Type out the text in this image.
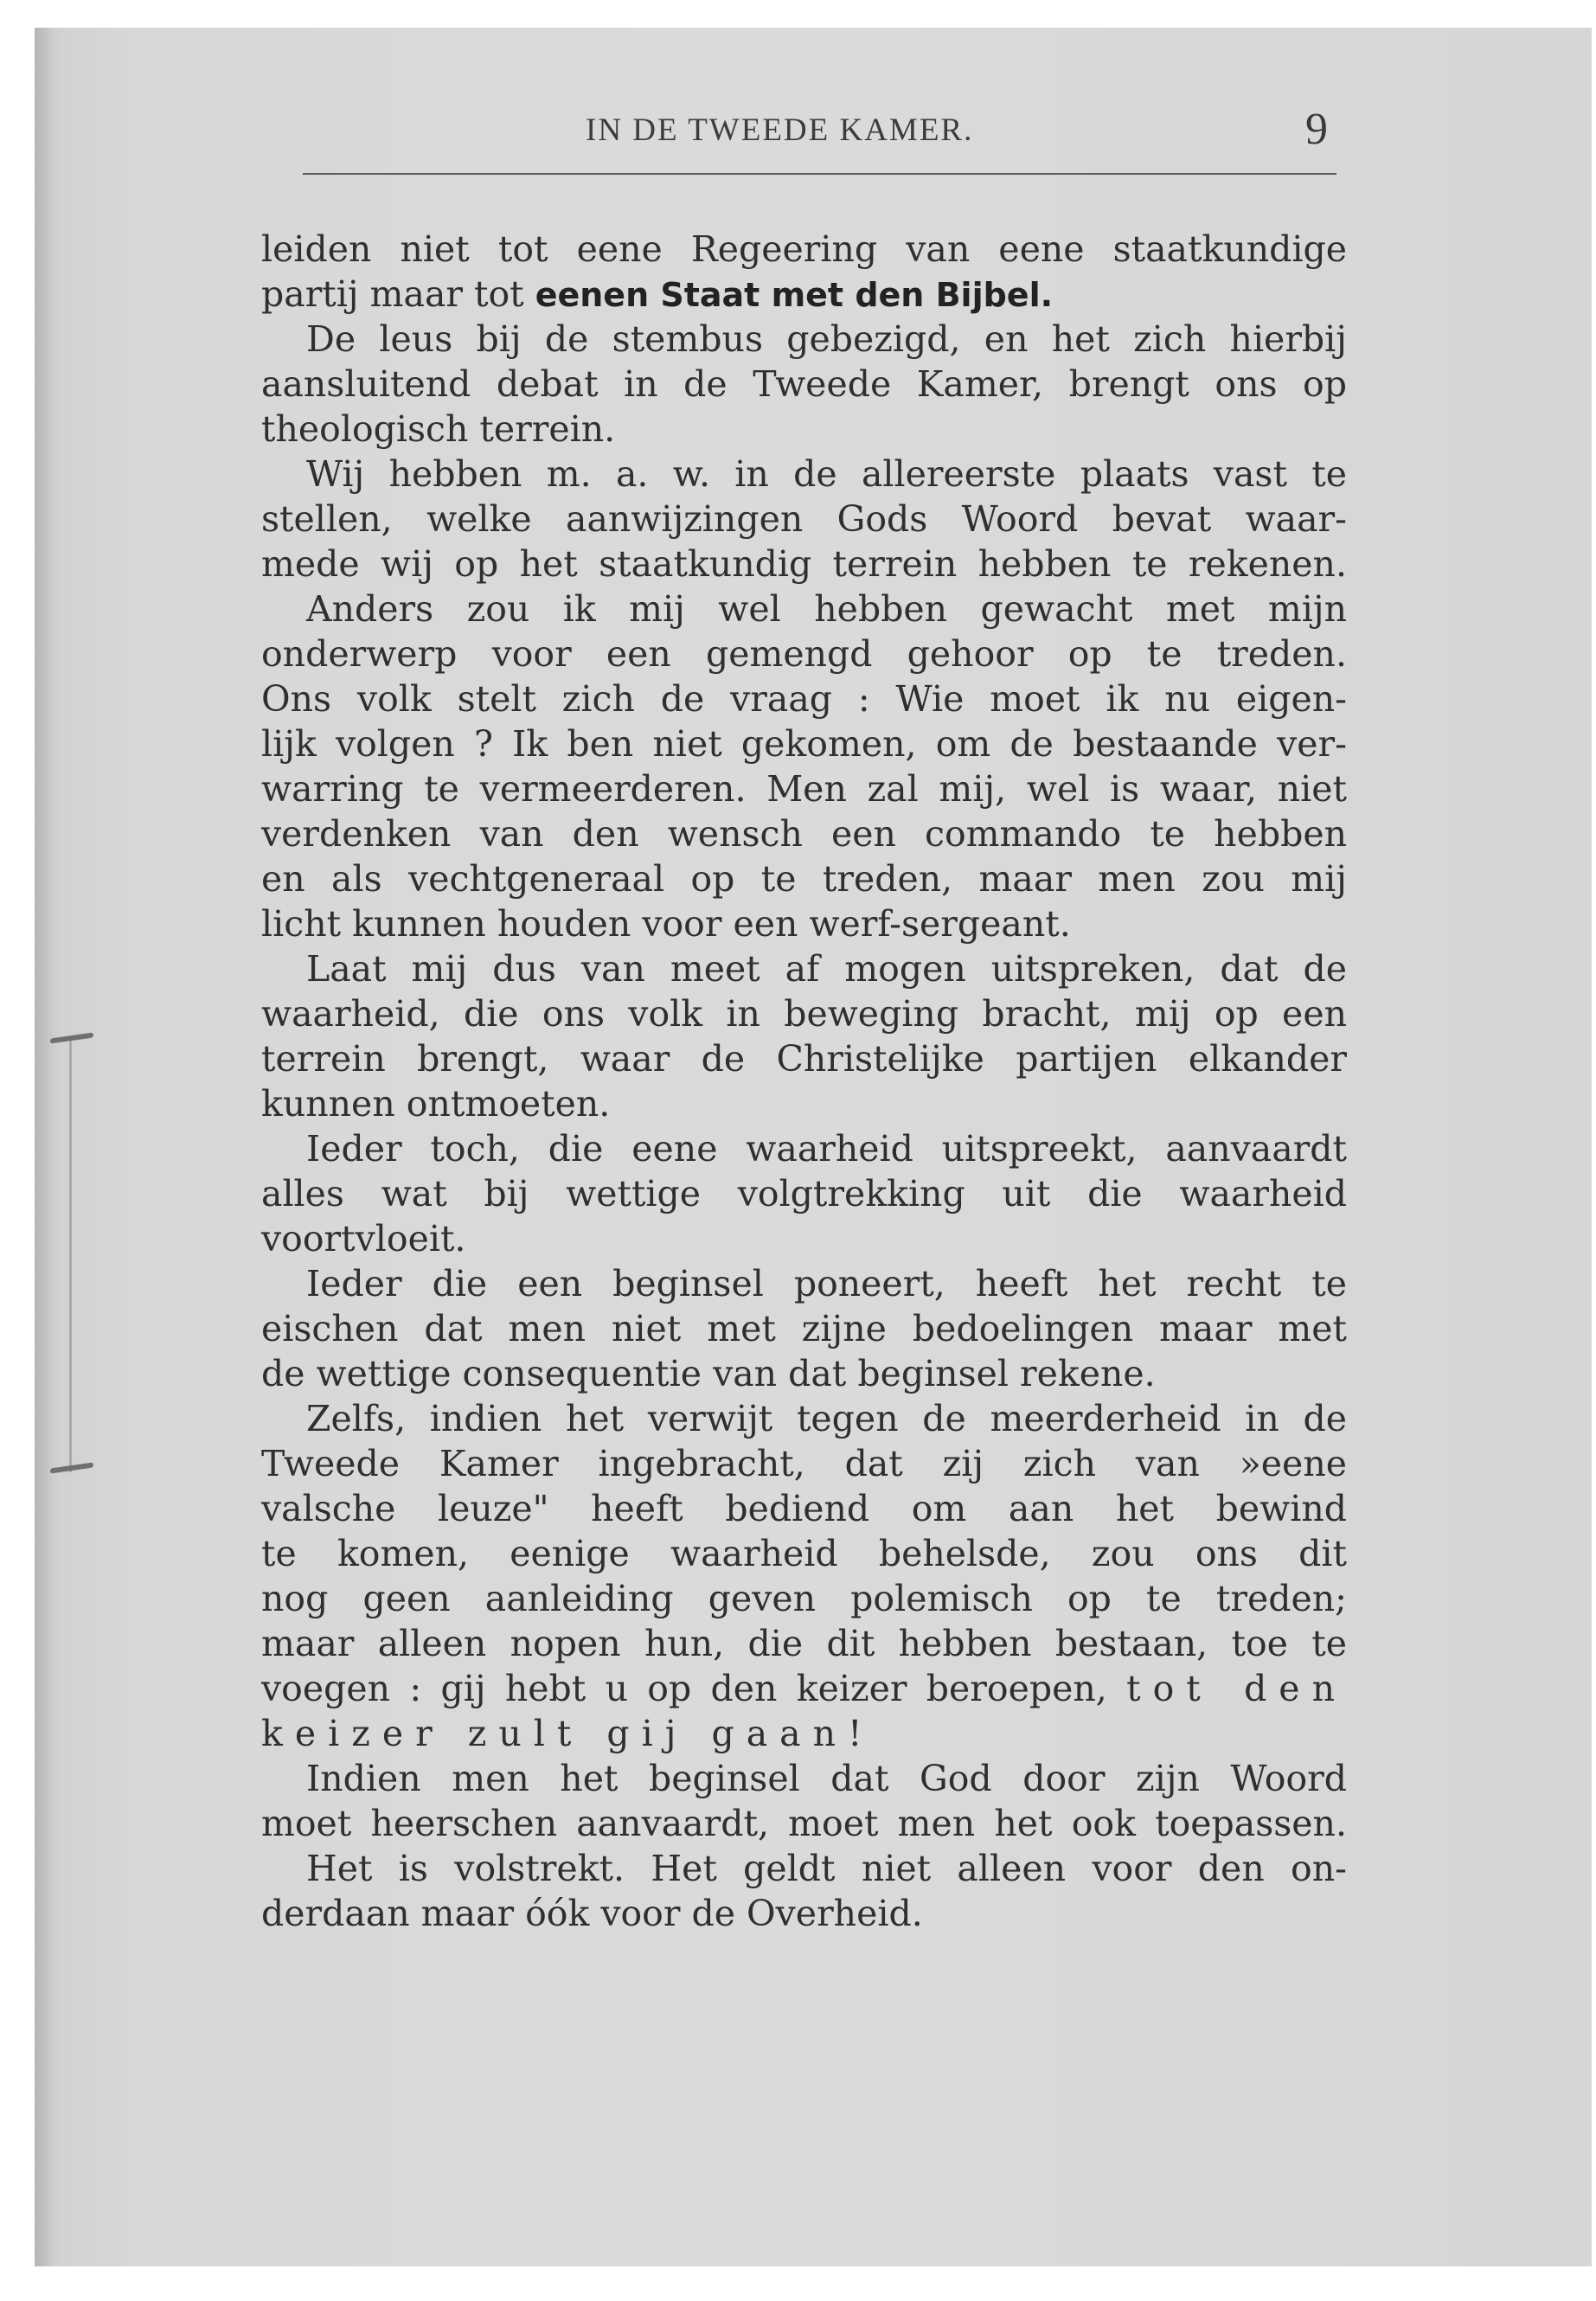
IN DE TWEEDE KAMER.	9
leiden niet tot eene Regeering van eene staatkundige
partij maar tot eenen Staat met den Bijbel.
De leus bij de stembus gebezigd, en het zich hierbij
aansluitend debat in de Tweede Kamer, brengt ons op
theologisch terrein.
Wij hebben m. a. w. in de allereerste plaats vast te
stellen, welke aanwijzingen Gods Woord bevat waar-
mede wij op het staatkundig terrein hebben te rekenen.
Anders zou ik mij wel hebben gewacht met mijn
onderwerp voor een gemengd gehoor op te treden.
Ons volk stelt zich de vraag : Wie moet ik nu eigen-
lijk volgen ? Ik ben niet gekomen, om de bestaande ver-
warring te vermeerderen. Men zal mij, wel is waar, niet
verdenken van den wensch een commando te hebben
en als vechtgeneraal op te treden, maar men zou mij
licht kunnen houden voor een werf-sergeant.
Laat mij dus van meet af mogen uitspreken, dat de
waarheid, die ons volk in beweging bracht, mij op een
terrein brengt, waar de Christelijke partijen elkander
kunnen ontmoeten.
Ieder toch, die eene waarheid uitspreekt, aanvaardt
alles wat bij wettige volgtrekking uit die waarheid
voortvloeit.
Ieder die een beginsel poneert, heeft het recht te
eischen dat men niet met zijne bedoelingen maar met
de wettige consequentie van dat beginsel rekene.
Zelfs, indien het verwijt tegen de meerderheid in de
Tweede Kamer ingebracht, dat zij zich van »eene
valsche leuze" heeft bediend om aan het bewind
te komen, eenige waarheid behelsde, zou ons dit
nog geen aanleiding geven polemisch op te treden;
maar alleen nopen hun, die dit hebben bestaan, toe te
voegen : gij hebt u op den keizer beroepen, tot den
keizer zult gij gaan!
Indien men het beginsel dat God door zijn Woord
moet heerschen aanvaardt, moet men het ook toepassen.
Het is volstrekt. Het geldt niet alleen voor den on-
derdaan maar óók voor de Overheid.
